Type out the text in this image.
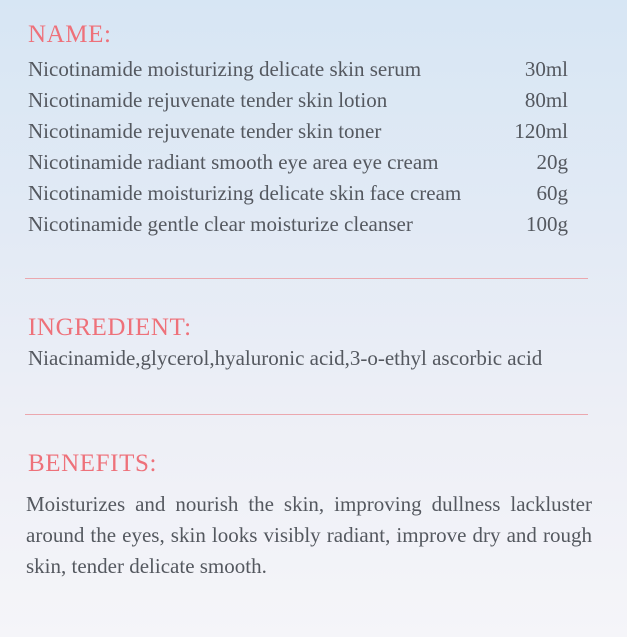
NAME:
Nicotinamide moisturizing delicate skin serum	30ml
Nicotinamide rejuvenate tender skin lotion	80ml
Nicotinamide rejuvenate tender skin toner	120ml
Nicotinamide radiant smooth eye area eye cream	20g
Nicotinamide moisturizing delicate skin face cream	60g
Nicotinamide gentle clear moisturize cleanser	100g
INGREDIENT:
Niacinamide,glycerol,hyaluronic acid,3-o-ethyl ascorbic acid
BENEFITS:
Moisturizes and nourish the skin, improving dullness lackluster around the eyes, skin looks visibly radiant, improve dry and rough skin, tender delicate smooth.
